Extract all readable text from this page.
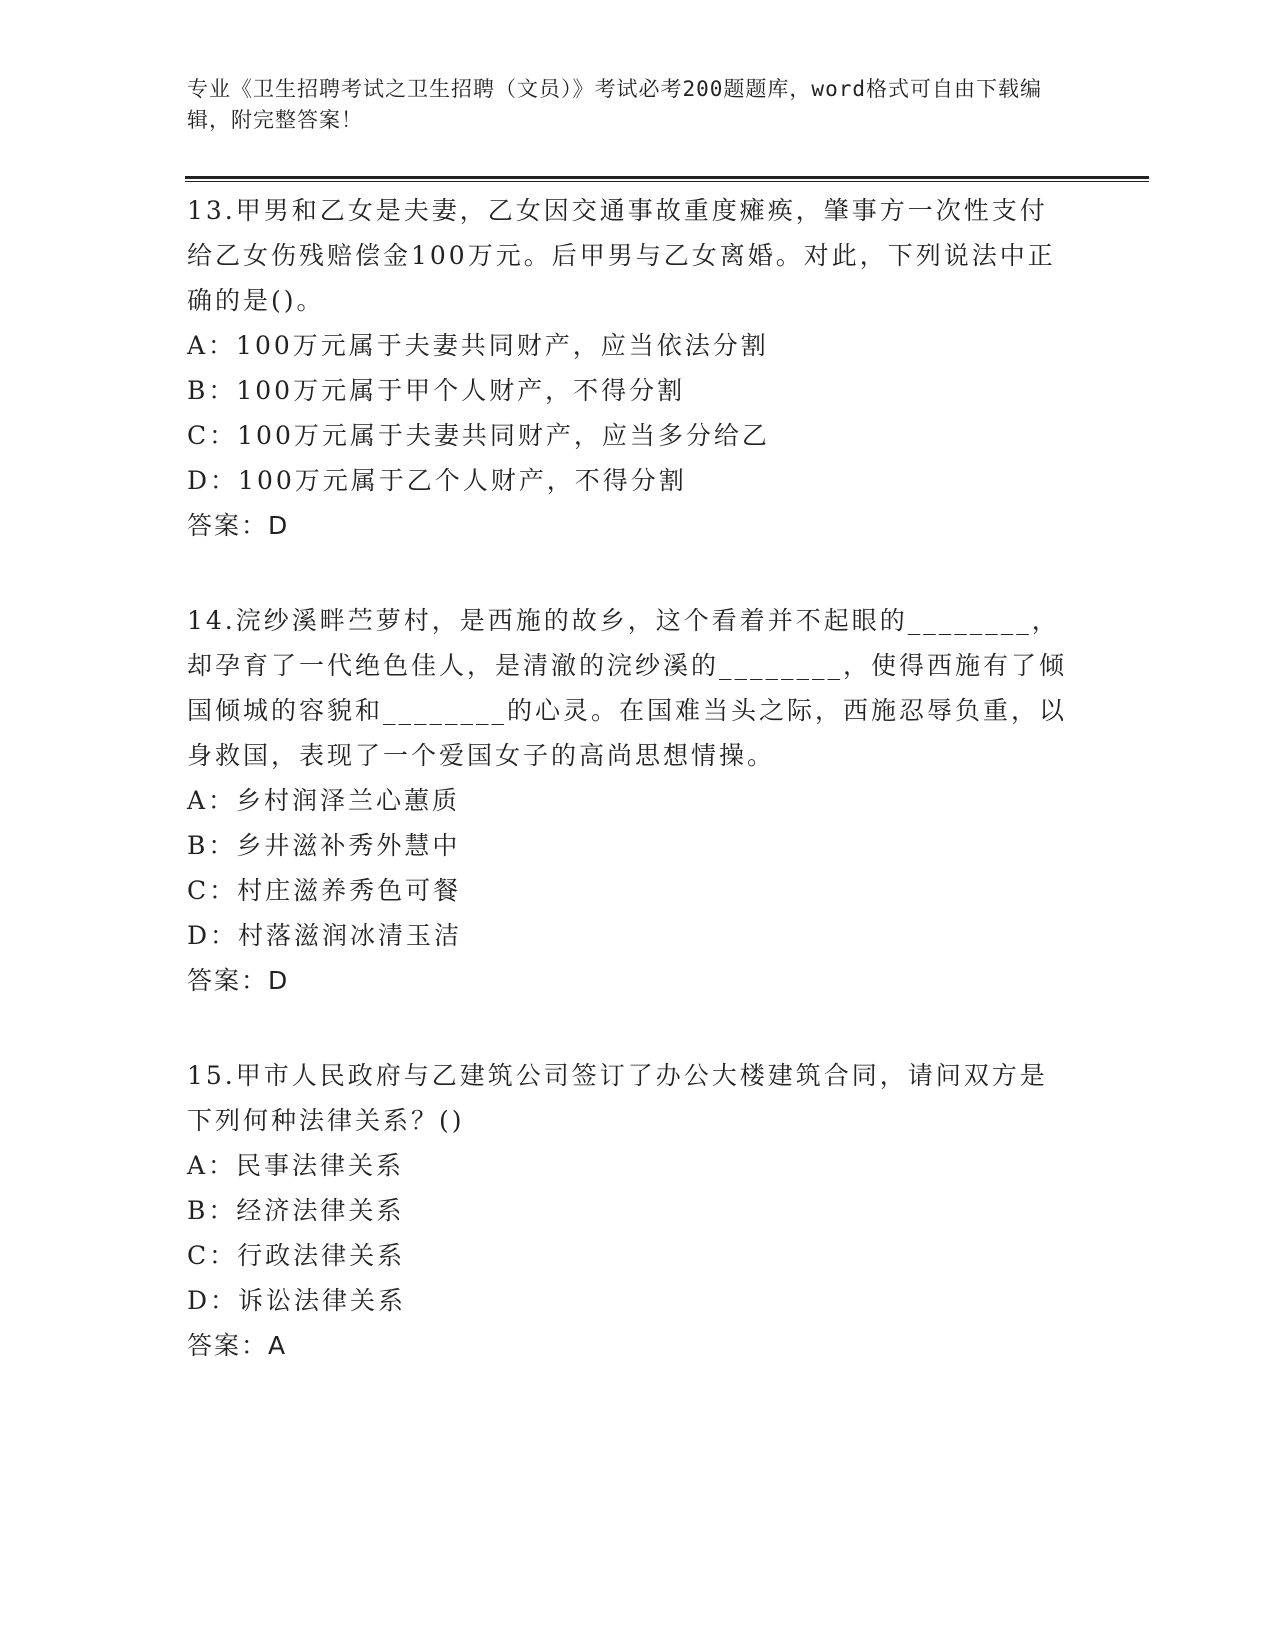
专业《卫生招聘考试之卫生招聘（文员）》考试必考200题题库，word格式可自由下载编辑，附完整答案！
13.甲男和乙女是夫妻，乙女因交通事故重度瘫痪，肇事方一次性支付给乙女伤残赔偿金100万元。后甲男与乙女离婚。对此，下列说法中正确的是()。
A：100万元属于夫妻共同财产，应当依法分割
B：100万元属于甲个人财产，不得分割
C：100万元属于夫妻共同财产，应当多分给乙
D：100万元属于乙个人财产，不得分割
答案：D
14.浣纱溪畔苎萝村，是西施的故乡，这个看着并不起眼的________，却孕育了一代绝色佳人，是清澈的浣纱溪的________，使得西施有了倾国倾城的容貌和________的心灵。在国难当头之际，西施忍辱负重，以身救国，表现了一个爱国女子的高尚思想情操。
A：乡村润泽兰心蕙质
B：乡井滋补秀外慧中
C：村庄滋养秀色可餐
D：村落滋润冰清玉洁
答案：D
15.甲市人民政府与乙建筑公司签订了办公大楼建筑合同，请问双方是下列何种法律关系？()
A：民事法律关系
B：经济法律关系
C：行政法律关系
D：诉讼法律关系
答案：A
